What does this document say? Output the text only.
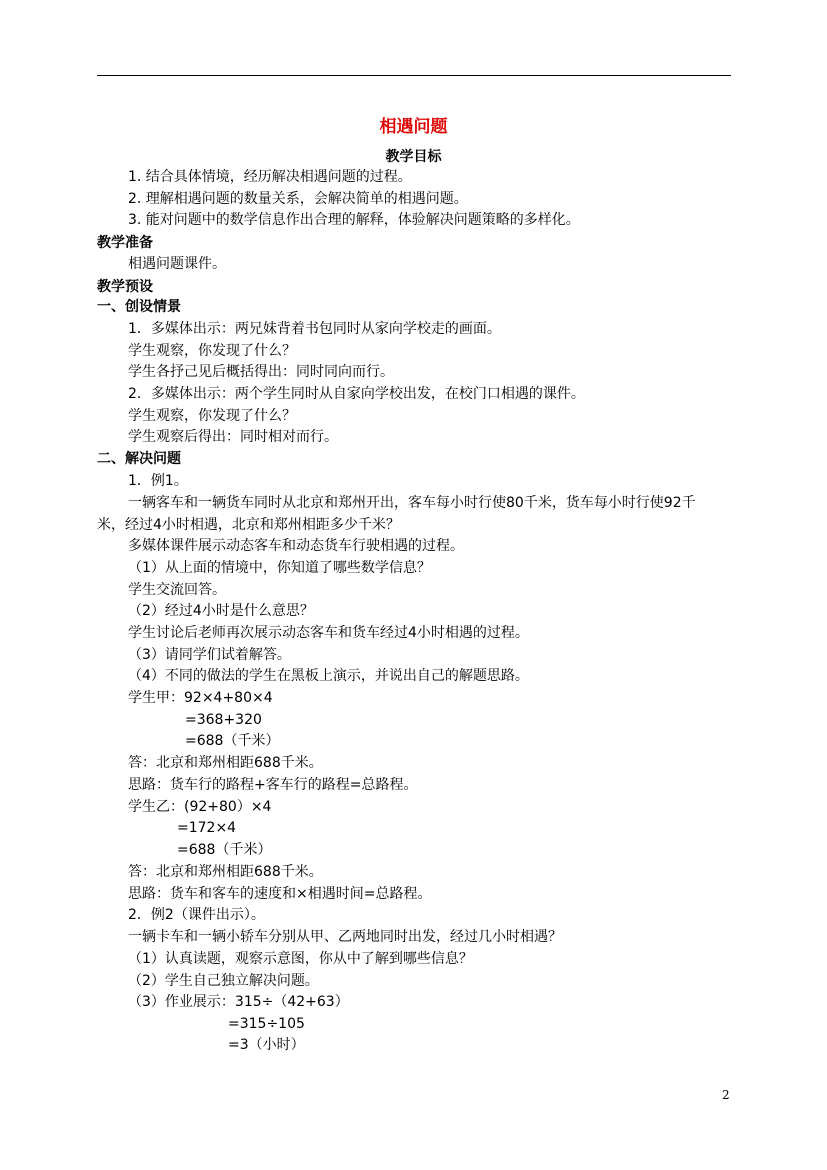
相遇问题
教学目标
1. 结合具体情境，经历解决相遇问题的过程。
2. 理解相遇问题的数量关系，会解决简单的相遇问题。
3. 能对问题中的数学信息作出合理的解释，体验解决问题策略的多样化。
教学准备
相遇问题课件。
教学预设
一、创设情景
1．多媒体出示：两兄妹背着书包同时从家向学校走的画面。
学生观察，你发现了什么？
学生各抒己见后概括得出：同时同向而行。
2．多媒体出示：两个学生同时从自家向学校出发，在校门口相遇的课件。
学生观察，你发现了什么？
学生观察后得出：同时相对而行。
二、解决问题
1．例1。
一辆客车和一辆货车同时从北京和郑州开出，客车每小时行使80千米，货车每小时行使92千
米，经过4小时相遇，北京和郑州相距多少千米？
多媒体课件展示动态客车和动态货车行驶相遇的过程。
（1）从上面的情境中，你知道了哪些数学信息？
学生交流回答。
（2）经过4小时是什么意思？
学生讨论后老师再次展示动态客车和货车经过4小时相遇的过程。
（3）请同学们试着解答。
（4）不同的做法的学生在黑板上演示，并说出自己的解题思路。
学生甲：92×4+80×4
=368+320
=688（千米）
答：北京和郑州相距688千米。
思路：货车行的路程+客车行的路程=总路程。
学生乙：(92+80）×4
=172×4
=688（千米）
答：北京和郑州相距688千米。
思路：货车和客车的速度和×相遇时间=总路程。
2．例2（课件出示）。
一辆卡车和一辆小轿车分别从甲、乙两地同时出发，经过几小时相遇？
（1）认真读题，观察示意图，你从中了解到哪些信息？
（2）学生自己独立解决问题。
（3）作业展示：315÷（42+63）
=315÷105
=3（小时）
2
